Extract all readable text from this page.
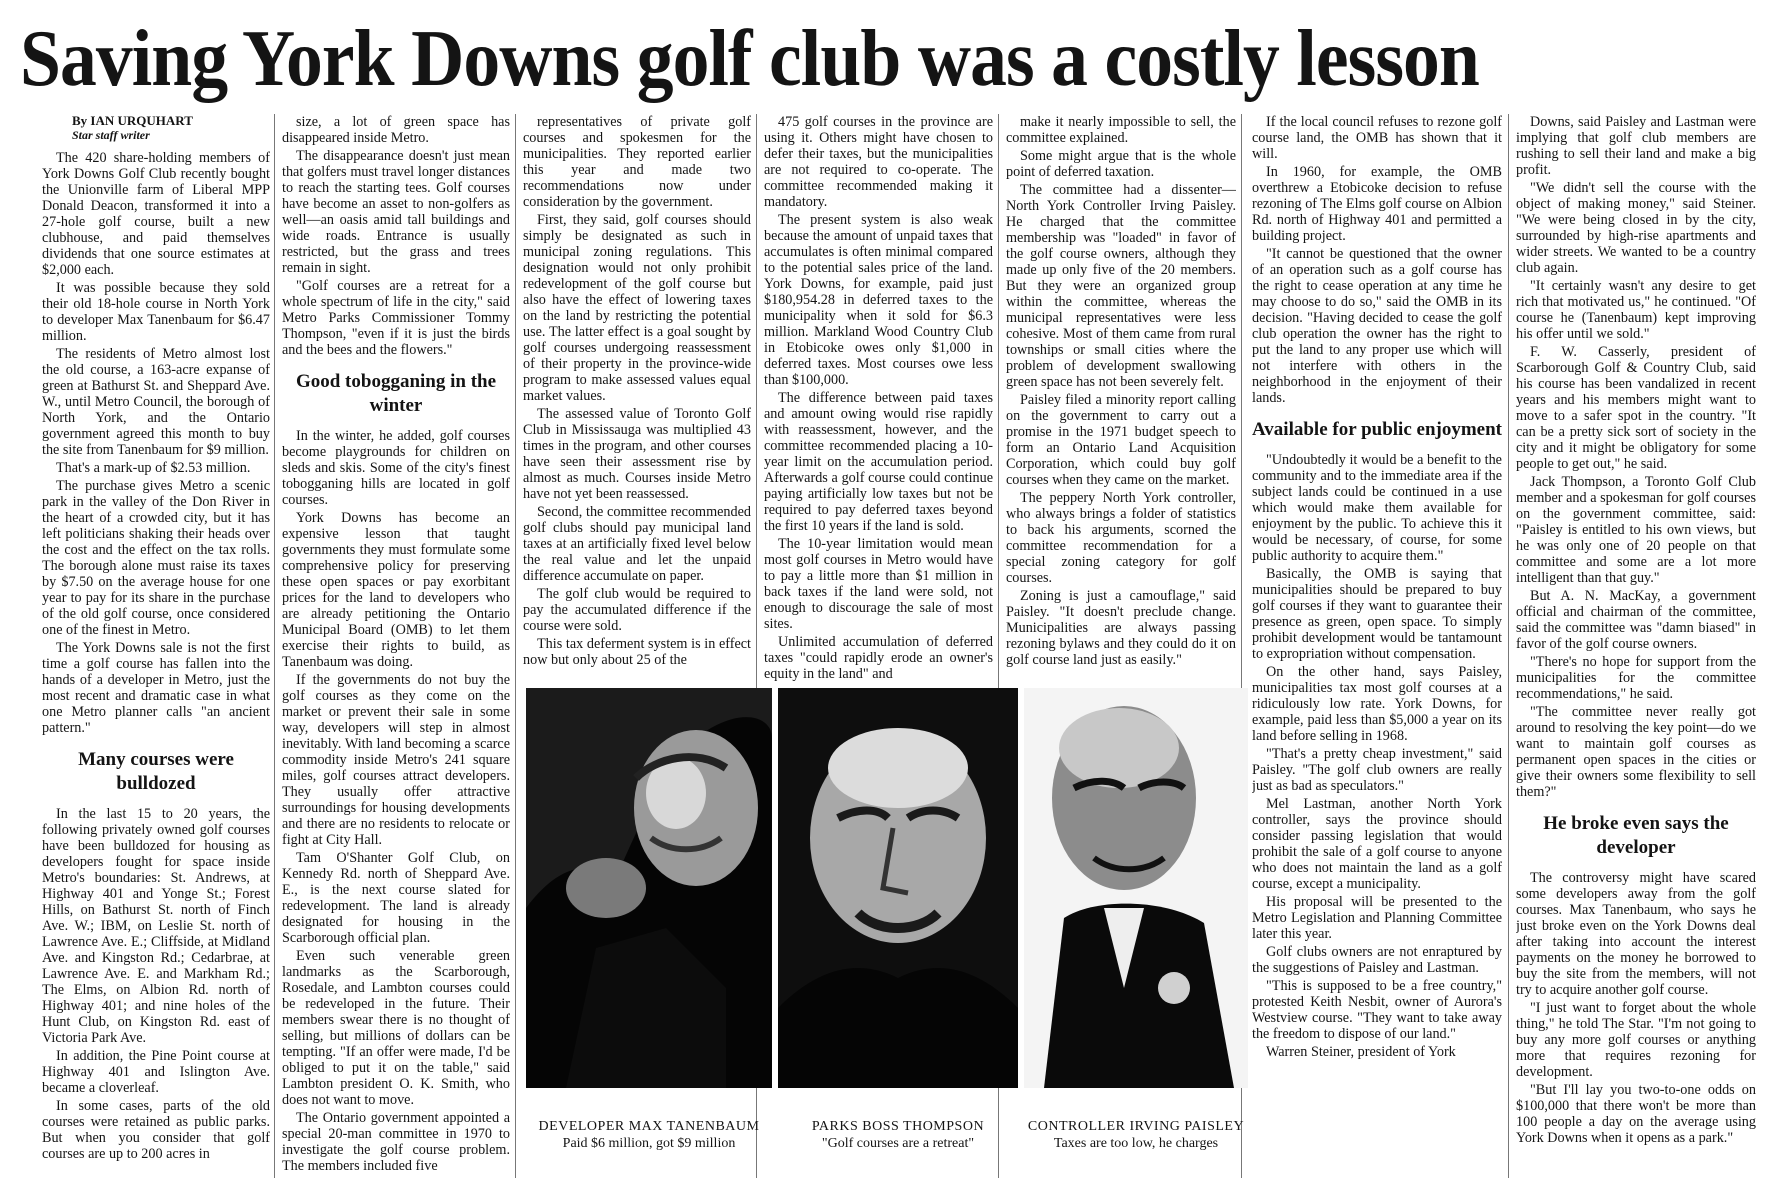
Saving York Downs golf club was a costly lesson
By IAN URQUHART
Star staff writer

The 420 share-holding members of York Downs Golf Club recently bought the Unionville farm of Liberal MPP Donald Deacon, transformed it into a 27-hole golf course, built a new clubhouse, and paid themselves dividends that one source estimates at $2,000 each.

It was possible because they sold their old 18-hole course in North York to developer Max Tanenbaum for $6.47 million.

The residents of Metro almost lost the old course, a 163-acre expanse of green at Bathurst St. and Sheppard Ave. W., until Metro Council, the borough of North York, and the Ontario government agreed this month to buy the site from Tanenbaum for $9 million.

That's a mark-up of $2.53 million.

The purchase gives Metro a scenic park in the valley of the Don River in the heart of a crowded city, but it has left politicians shaking their heads over the cost and the effect on the tax rolls. The borough alone must raise its taxes by $7.50 on the average house for one year to pay for its share in the purchase of the old golf course, once considered one of the finest in Metro.

The York Downs sale is not the first time a golf course has fallen into the hands of a developer in Metro, just the most recent and dramatic case in what one Metro planner calls "an ancient pattern."

Many courses were bulldozed

In the last 15 to 20 years, the following privately owned golf courses have been bulldozed for housing as developers fought for space inside Metro's boundaries: St. Andrews, at Highway 401 and Yonge St.; Forest Hills, on Bathurst St. north of Finch Ave. W.; IBM, on Leslie St. north of Lawrence Ave. E.; Cliffside, at Midland Ave. and Kingston Rd.; Cedarbrae, at Lawrence Ave. E. and Markham Rd.; The Elms, on Albion Rd. north of Highway 401; and nine holes of the Hunt Club, on Kingston Rd. east of Victoria Park Ave.

In addition, the Pine Point course at Highway 401 and Islington Ave. became a cloverleaf.

In some cases, parts of the old courses were retained as public parks. But when you consider that golf courses are up to 200 acres in

size, a lot of green space has disappeared inside Metro.

The disappearance doesn't just mean that golfers must travel longer distances to reach the starting tees. Golf courses have become an asset to non-golfers as well—an oasis amid tall buildings and wide roads. Entrance is usually restricted, but the grass and trees remain in sight.

"Golf courses are a retreat for a whole spectrum of life in the city," said Metro Parks Commissioner Tommy Thompson, "even if it is just the birds and the bees and the flowers."

Good tobogganing in the winter

In the winter, he added, golf courses become playgrounds for children on sleds and skis. Some of the city's finest tobogganing hills are located in golf courses.

York Downs has become an expensive lesson that taught governments they must formulate some comprehensive policy for preserving these open spaces or pay exorbitant prices for the land to developers who are already petitioning the Ontario Municipal Board (OMB) to let them exercise their rights to build, as Tanenbaum was doing.

If the governments do not buy the golf courses as they come on the market or prevent their sale in some way, developers will step in almost inevitably. With land becoming a scarce commodity inside Metro's 241 square miles, golf courses attract developers. They usually offer attractive surroundings for housing developments and there are no residents to relocate or fight at City Hall.

Tam O'Shanter Golf Club, on Kennedy Rd. north of Sheppard Ave. E., is the next course slated for redevelopment. The land is already designated for housing in the Scarborough official plan.

Even such venerable green landmarks as the Scarborough, Rosedale, and Lambton courses could be redeveloped in the future. Their members swear there is no thought of selling, but millions of dollars can be tempting. "If an offer were made, I'd be obliged to put it on the table," said Lambton president O. K. Smith, who does not want to move.

The Ontario government appointed a special 20-man committee in 1970 to investigate the golf course problem. The members included five

representatives of private golf courses and spokesmen for the municipalities. They reported earlier this year and made two recommendations now under consideration by the government.

First, they said, golf courses should simply be designated as such in municipal zoning regulations. This designation would not only prohibit redevelopment of the golf course but also have the effect of lowering taxes on the land by restricting the potential use. The latter effect is a goal sought by golf courses undergoing reassessment of their property in the province-wide program to make assessed values equal market values.

The assessed value of Toronto Golf Club in Mississauga was multiplied 43 times in the program, and other courses have seen their assessment rise by almost as much. Courses inside Metro have not yet been reassessed.

Second, the committee recommended golf clubs should pay municipal land taxes at an artificially fixed level below the real value and let the unpaid difference accumulate on paper.

The golf club would be required to pay the accumulated difference if the course were sold.

This tax deferment system is in effect now but only about 25 of the

475 golf courses in the province are using it. Others might have chosen to defer their taxes, but the municipalities are not required to co-operate. The committee recommended making it mandatory.

The present system is also weak because the amount of unpaid taxes that accumulates is often minimal compared to the potential sales price of the land. York Downs, for example, paid just $180,954.28 in deferred taxes to the municipality when it sold for $6.3 million. Markland Wood Country Club in Etobicoke owes only $1,000 in deferred taxes. Most courses owe less than $100,000.

The difference between paid taxes and amount owing would rise rapidly with reassessment, however, and the committee recommended placing a 10-year limit on the accumulation period. Afterwards a golf course could continue paying artificially low taxes but not be required to pay deferred taxes beyond the first 10 years if the land is sold.

The 10-year limitation would mean most golf courses in Metro would have to pay a little more than $1 million in back taxes if the land were sold, not enough to discourage the sale of most sites.

Unlimited accumulation of deferred taxes "could rapidly erode an owner's equity in the land" and

make it nearly impossible to sell, the committee explained.

Some might argue that is the whole point of deferred taxation.

The committee had a dissenter—North York Controller Irving Paisley. He charged that the committee membership was "loaded" in favor of the golf course owners, although they made up only five of the 20 members. But they were an organized group within the committee, whereas the municipal representatives were less cohesive. Most of them came from rural townships or small cities where the problem of development swallowing green space has not been severely felt.

Paisley filed a minority report calling on the government to carry out a promise in the 1971 budget speech to form an Ontario Land Acquisition Corporation, which could buy golf courses when they came on the market.

The peppery North York controller, who always brings a folder of statistics to back his arguments, scorned the committee recommendation for a special zoning category for golf courses.

Zoning is just a camouflage," said Paisley. "It doesn't preclude change. Municipalities are always passing rezoning bylaws and they could do it on golf course land just as easily."

If the local council refuses to rezone golf course land, the OMB has shown that it will.

In 1960, for example, the OMB overthrew a Etobicoke decision to refuse rezoning of The Elms golf course on Albion Rd. north of Highway 401 and permitted a building project.

"It cannot be questioned that the owner of an operation such as a golf course has the right to cease operation at any time he may choose to do so," said the OMB in its decision. "Having decided to cease the golf club operation the owner has the right to put the land to any proper use which will not interfere with others in the neighborhood in the enjoyment of their lands.

Available for public enjoyment

"Undoubtedly it would be a benefit to the community and to the immediate area if the subject lands could be continued in a use which would make them available for enjoyment by the public. To achieve this it would be necessary, of course, for some public authority to acquire them."

Basically, the OMB is saying that municipalities should be prepared to buy golf courses if they want to guarantee their presence as green, open space. To simply prohibit development would be tantamount to expropriation without compensation.

On the other hand, says Paisley, municipalities tax most golf courses at a ridiculously low rate. York Downs, for example, paid less than $5,000 a year on its land before selling in 1968.

"That's a pretty cheap investment," said Paisley. "The golf club owners are really just as bad as speculators."

Mel Lastman, another North York controller, says the province should consider passing legislation that would prohibit the sale of a golf course to anyone who does not maintain the land as a golf course, except a municipality.

His proposal will be presented to the Metro Legislation and Planning Committee later this year.

Golf clubs owners are not enraptured by the suggestions of Paisley and Lastman.

"This is supposed to be a free country," protested Keith Nesbit, owner of Aurora's Westview course. "They want to take away the freedom to dispose of our land."

Warren Steiner, president of York

Downs, said Paisley and Lastman were implying that golf club members are rushing to sell their land and make a big profit.

"We didn't sell the course with the object of making money," said Steiner. "We were being closed in by the city, surrounded by high-rise apartments and wider streets. We wanted to be a country club again.

"It certainly wasn't any desire to get rich that motivated us," he continued. "Of course he (Tanenbaum) kept improving his offer until we sold."

F. W. Casserly, president of Scarborough Golf & Country Club, said his course has been vandalized in recent years and his members might want to move to a safer spot in the country. "It can be a pretty sick sort of society in the city and it might be obligatory for some people to get out," he said.

Jack Thompson, a Toronto Golf Club member and a spokesman for golf courses on the government committee, said: "Paisley is entitled to his own views, but he was only one of 20 people on that committee and some are a lot more intelligent than that guy."

But A. N. MacKay, a government official and chairman of the committee, said the committee was "damn biased" in favor of the golf course owners.

"There's no hope for support from the municipalities for the committee recommendations," he said.

"The committee never really got around to resolving the key point—do we want to maintain golf courses as permanent open spaces in the cities or give their owners some flexibility to sell them?"

He broke even says the developer

The controversy might have scared some developers away from the golf courses. Max Tanenbaum, who says he just broke even on the York Downs deal after taking into account the interest payments on the money he borrowed to buy the site from the members, will not try to acquire another golf course.

"I just want to forget about the whole thing," he told The Star. "I'm not going to buy any more golf courses or anything more that requires rezoning for development.

"But I'll lay you two-to-one odds on $100,000 that there won't be more than 100 people a day on the average using York Downs when it opens as a park."

DEVELOPER MAX TANENBAUM
Paid $6 million, got $9 million
PARKS BOSS THOMPSON
"Golf courses are a retreat"
CONTROLLER IRVING PAISLEY
Taxes are too low, he charges
